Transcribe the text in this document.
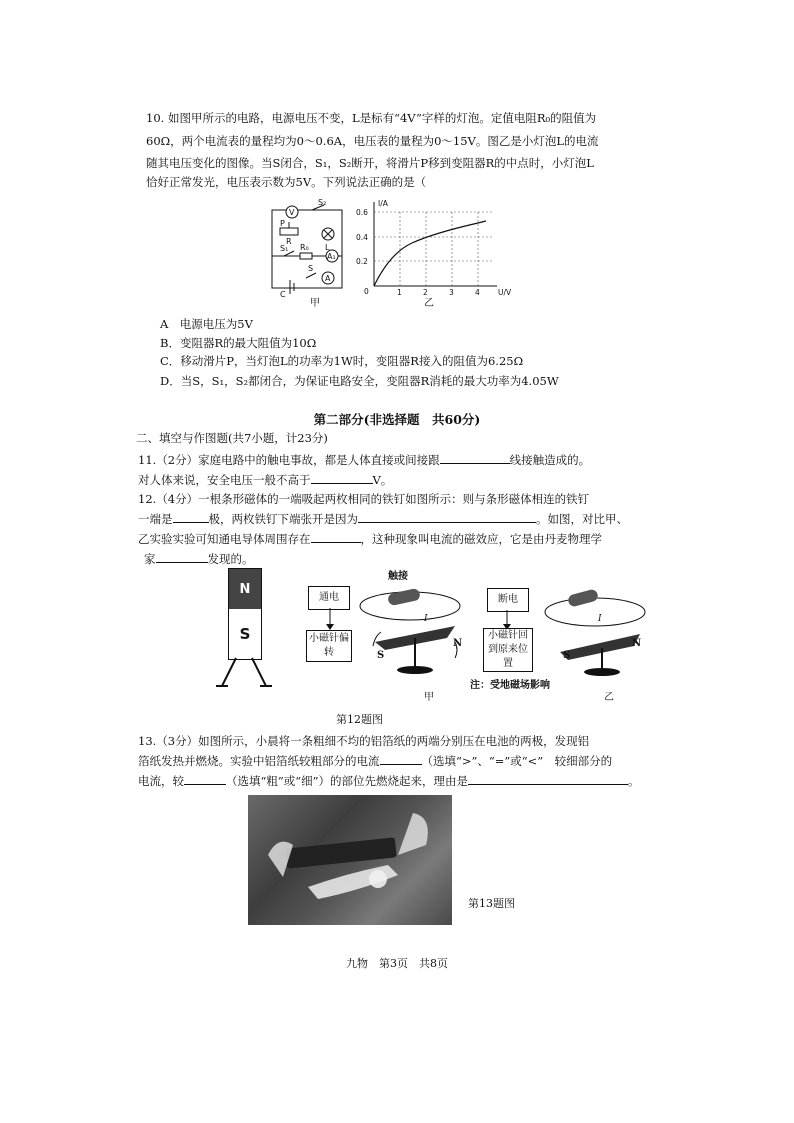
10. 如图甲所示的电路，电源电压不变，L是标有“4V”字样的灯泡。定值电阻R₀的阻值为
60Ω，两个电流表的量程均为0～0.6A，电压表的量程为0～15V。图乙是小灯泡L的电流
随其电压变化的图像。当S闭合，S₁，S₂断开，将滑片P移到变阻器R的中点时，小灯泡L
恰好正常发光，电压表示数为5V。下列说法正确的是（
V
S₂
P
R
L
S₁ R₀
A₁
S
A
C
甲
I/A
0.6
0.4
0.2
0	1	2	3	4 U/V
乙
A　电源电压为5V
B．变阻器R的最大阻值为10Ω
C．移动滑片P，当灯泡L的功率为1W时，变阻器R接入的阻值为6.25Ω
D．当S，S₁，S₂都闭合，为保证电路安全，变阻器R消耗的最大功率为4.05W
第二部分(非选择题　共60分)
二、填空与作图题(共7小题，计23分)
11.（2分）家庭电路中的触电事故，都是人体直接或间接跟	线接触造成的。
对人体来说，安全电压一般不高于	V。
12.（4分）一根条形磁体的一端吸起两枚相同的铁钉如图所示：则与条形磁体相连的铁钉
一端是	极，两枚铁钉下端张开是因为	。如图，对比甲、
乙实验实验可知通电导体周围存在	，这种现象叫电流的磁效应，它是由丹麦物理学
家	发现的。
N
S
通电
小磁针偏转
触接
S
N
I
甲
断电
小磁针回到原来位置
S
N
I
注：受地磁场影响
乙
第12题图
13.（3分）如图所示，小晨将一条粗细不均的铝箔纸的两端分别压在电池的两极，发现铝
箔纸发热并燃烧。实验中铝箔纸较粗部分的电流	（选填“>”、“=”或“<”　较细部分的
电流，较	（选填“粗”或“细”）的部位先燃烧起来，理由是	。
第13题图
九物　第3页　共8页
